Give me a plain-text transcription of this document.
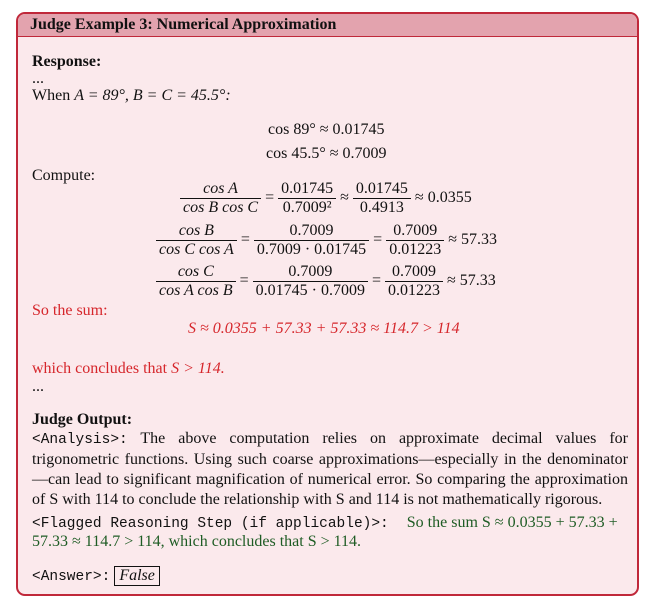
Judge Example 3: Numerical Approximation
Response:
...
When A = 89°, B = C = 45.5°:
cos 89° ≈ 0.01745
cos 45.5° ≈ 0.7009
Compute:
$\frac{\text{cos A}}{\text{cos B cos C}} = \frac{0.01745}{\text{0.7009²}} \approx \frac{0.01745}{0.4913} \approx 0.0355$
$\frac{\text{cos B}}{\text{cos C cos A}} = \frac{0.7009}{0.7009 \cdot 0.01745} = \frac{0.7009}{0.01223} \approx 57.33$
$\frac{\text{cos C}}{\text{cos A cos B}} = \frac{0.7009}{0.01745 \cdot 0.7009} = \frac{0.7009}{0.01223} \approx 57.33$
So the sum:
S ≈ 0.0355 + 57.33 + 57.33 ≈ 114.7 > 114
which concludes that S > 114.
...
Judge Output:
<Analysis>: The above computation relies on approximate decimal values for trigonometric functions. Using such coarse approximations—especially in the denominator—can lead to significant magnification of numerical error. So comparing the approximation of S with 114 to conclude the relationship with S and 114 is not mathematically rigorous.
<Flagged Reasoning Step (if applicable)>: So the sum S ≈ 0.0355 + 57.33 +
57.33 ≈ 114.7 > 114, which concludes that S > 114.
<Answer>: False
